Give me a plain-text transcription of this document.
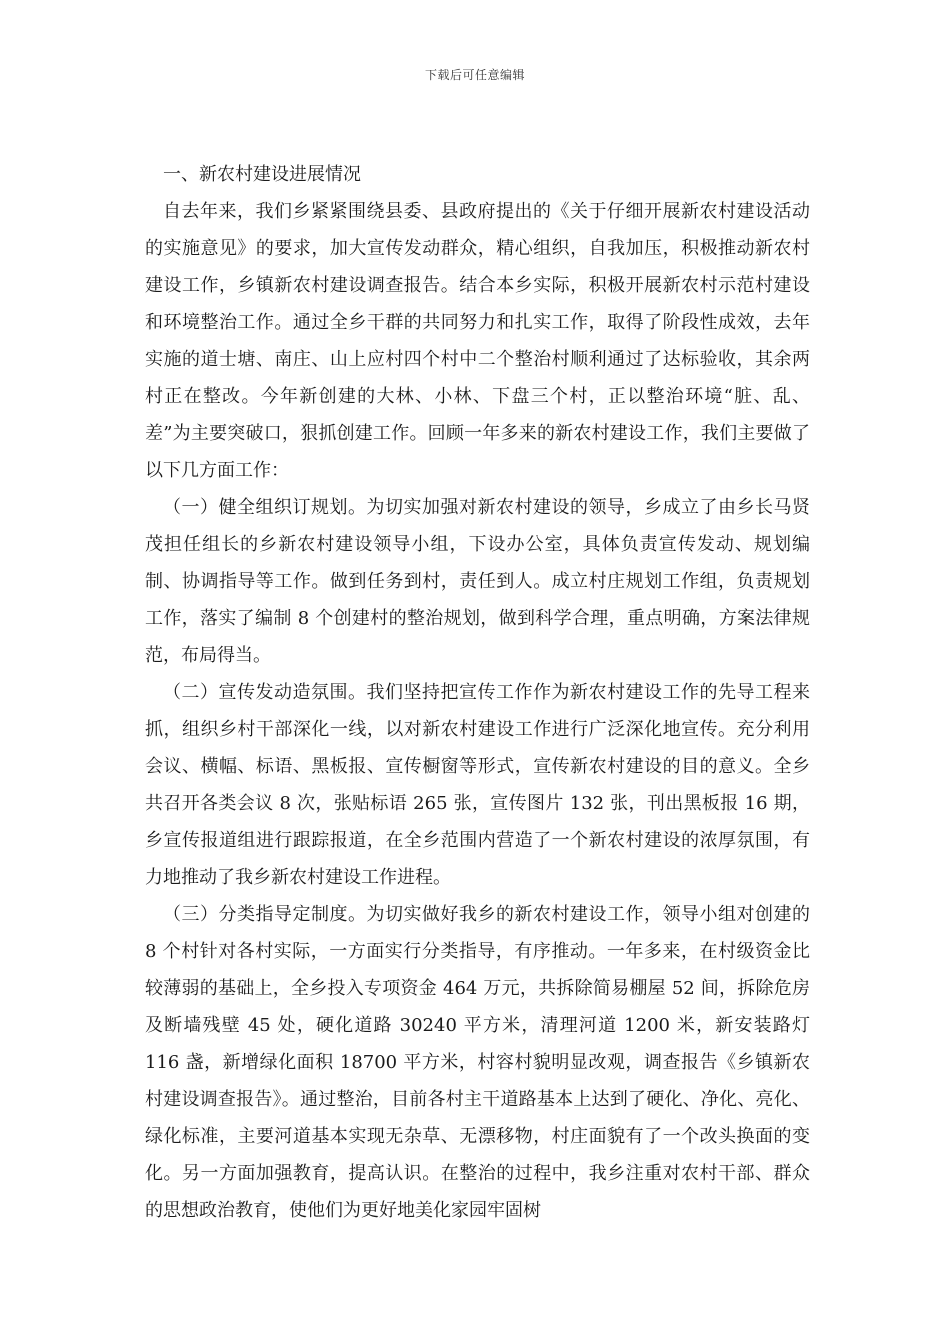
下载后可任意编辑

一、新农村建设进展情况

自去年来，我们乡紧紧围绕县委、县政府提出的《关于仔细开展新农村建设活动的实施意见》的要求，加大宣传发动群众，精心组织，自我加压，积极推动新农村建设工作，乡镇新农村建设调查报告。结合本乡实际，积极开展新农村示范村建设和环境整治工作。通过全乡干群的共同努力和扎实工作，取得了阶段性成效，去年实施的道士塘、南庄、山上应村四个村中二个整治村顺利通过了达标验收，其余两村正在整改。今年新创建的大林、小林、下盘三个村，正以整治环境“脏、乱、差”为主要突破口，狠抓创建工作。回顾一年多来的新农村建设工作，我们主要做了以下几方面工作：

（一）健全组织订规划。为切实加强对新农村建设的领导，乡成立了由乡长马贤茂担任组长的乡新农村建设领导小组，下设办公室，具体负责宣传发动、规划编制、协调指导等工作。做到任务到村，责任到人。成立村庄规划工作组，负责规划工作，落实了编制 8 个创建村的整治规划，做到科学合理，重点明确，方案法律规范，布局得当。

（二）宣传发动造氛围。我们坚持把宣传工作作为新农村建设工作的先导工程来抓，组织乡村干部深化一线，以对新农村建设工作进行广泛深化地宣传。充分利用会议、横幅、标语、黑板报、宣传橱窗等形式，宣传新农村建设的目的意义。全乡共召开各类会议 8 次，张贴标语 265 张，宣传图片 132 张，刊出黑板报 16 期，乡宣传报道组进行跟踪报道，在全乡范围内营造了一个新农村建设的浓厚氛围，有力地推动了我乡新农村建设工作进程。

（三）分类指导定制度。为切实做好我乡的新农村建设工作，领导小组对创建的 8 个村针对各村实际，一方面实行分类指导，有序推动。一年多来，在村级资金比较薄弱的基础上，全乡投入专项资金 464 万元，共拆除简易棚屋 52 间，拆除危房及断墙残壁 45 处，硬化道路 30240 平方米，清理河道 1200 米，新安装路灯 116 盏，新增绿化面积 18700 平方米，村容村貌明显改观，调查报告《乡镇新农村建设调查报告》。通过整治，目前各村主干道路基本上达到了硬化、净化、亮化、绿化标准，主要河道基本实现无杂草、无漂移物，村庄面貌有了一个改头换面的变化。另一方面加强教育，提高认识。在整治的过程中，我乡注重对农村干部、群众的思想政治教育，使他们为更好地美化家园牢固树
